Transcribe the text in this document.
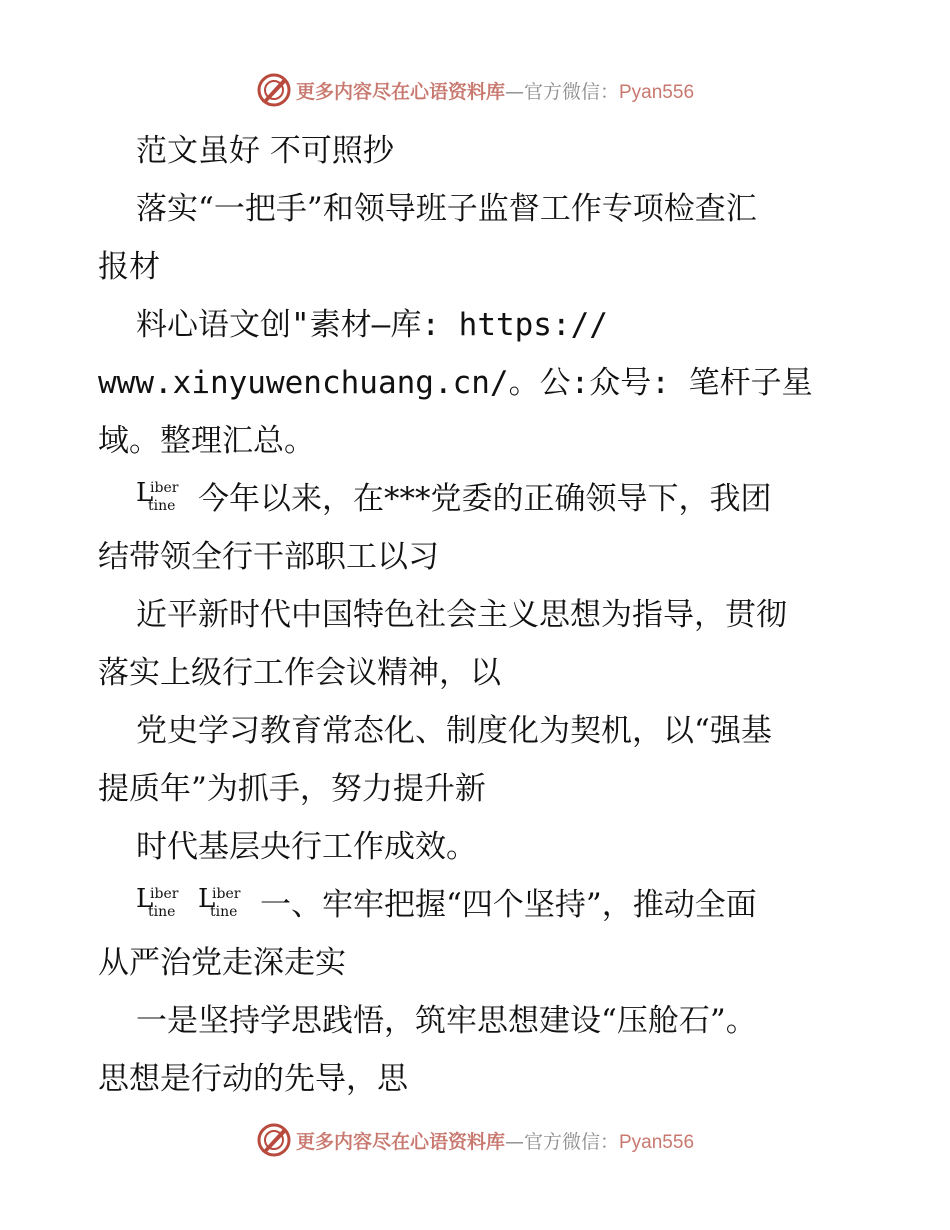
更多内容尽在心语资料库—官方微信：Pyan556
范文虽好 不可照抄
落实“一把手”和领导班子监督工作专项检查汇
报材
料心语文创"素材—库: https://
www.xinyuwenchuang.cn/。公:众号: 笔杆子星
域。整理汇总。
L
iber
tine 今年以来，在***党委的正确领导下，我团
结带领全行干部职工以习
近平新时代中国特色社会主义思想为指导，贯彻
落实上级行工作会议精神，以
党史学习教育常态化、制度化为契机，以“强基
提质年”为抓手，努力提升新
时代基层央行工作成效。
L
iber
tine L
iber
tine 一、牢牢把握“四个坚持”，推动全面
从严治党走深走实
一是坚持学思践悟，筑牢思想建设“压舱石”。
思想是行动的先导，思
更多内容尽在心语资料库—官方微信：Pyan556
